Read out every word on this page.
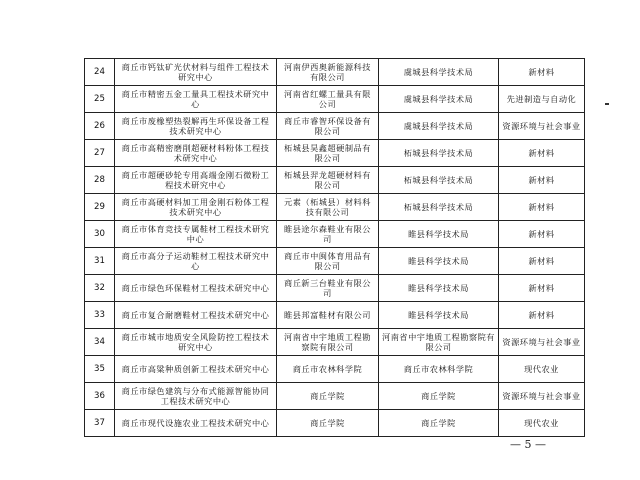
24	商丘市钙钛矿光伏材料与组件工程技术研究中心	河南伊西奥新能源科技有限公司	虞城县科学技术局	新材料
25	商丘市精密五金工量具工程技术研究中心	河南省红螺工量具有限公司	虞城县科学技术局	先进制造与自动化
26	商丘市废橡塑热裂解再生环保设备工程技术研究中心	商丘市睿智环保设备有限公司	虞城县科学技术局	资源环境与社会事业
27	商丘市高精密磨削超硬材料粉体工程技术研究中心	柘城县昊鑫超硬制品有限公司	柘城县科学技术局	新材料
28	商丘市超硬砂轮专用高端金刚石微粉工程技术研究中心	柘城县羿龙超硬材料有限公司	柘城县科学技术局	新材料
29	商丘市高硬材料加工用金刚石粉体工程技术研究中心	元素（柘城县）材料科技有限公司	柘城县科学技术局	新材料
30	商丘市体育竞技专属鞋材工程技术研究中心	睢县途尔森鞋业有限公司	睢县科学技术局	新材料
31	商丘市高分子运动鞋材工程技术研究中心	商丘市中闽体育用品有限公司	睢县科学技术局	新材料
32	商丘市绿色环保鞋材工程技术研究中心	商丘新三台鞋业有限公司	睢县科学技术局	新材料
33	商丘市复合耐磨鞋材工程技术研究中心	睢县邦富鞋材有限公司	睢县科学技术局	新材料
34	商丘市城市地质安全风险防控工程技术研究中心	河南省中宇地质工程勘察院有限公司	河南省中宇地质工程勘察院有限公司	资源环境与社会事业
35	商丘市高粱种质创新工程技术研究中心	商丘市农林科学院	商丘市农林科学院	现代农业
36	商丘市绿色建筑与分布式能源智能协同工程技术研究中心	商丘学院	商丘学院	资源环境与社会事业
37	商丘市现代设施农业工程技术研究中心	商丘学院	商丘学院	现代农业
— 5 —
